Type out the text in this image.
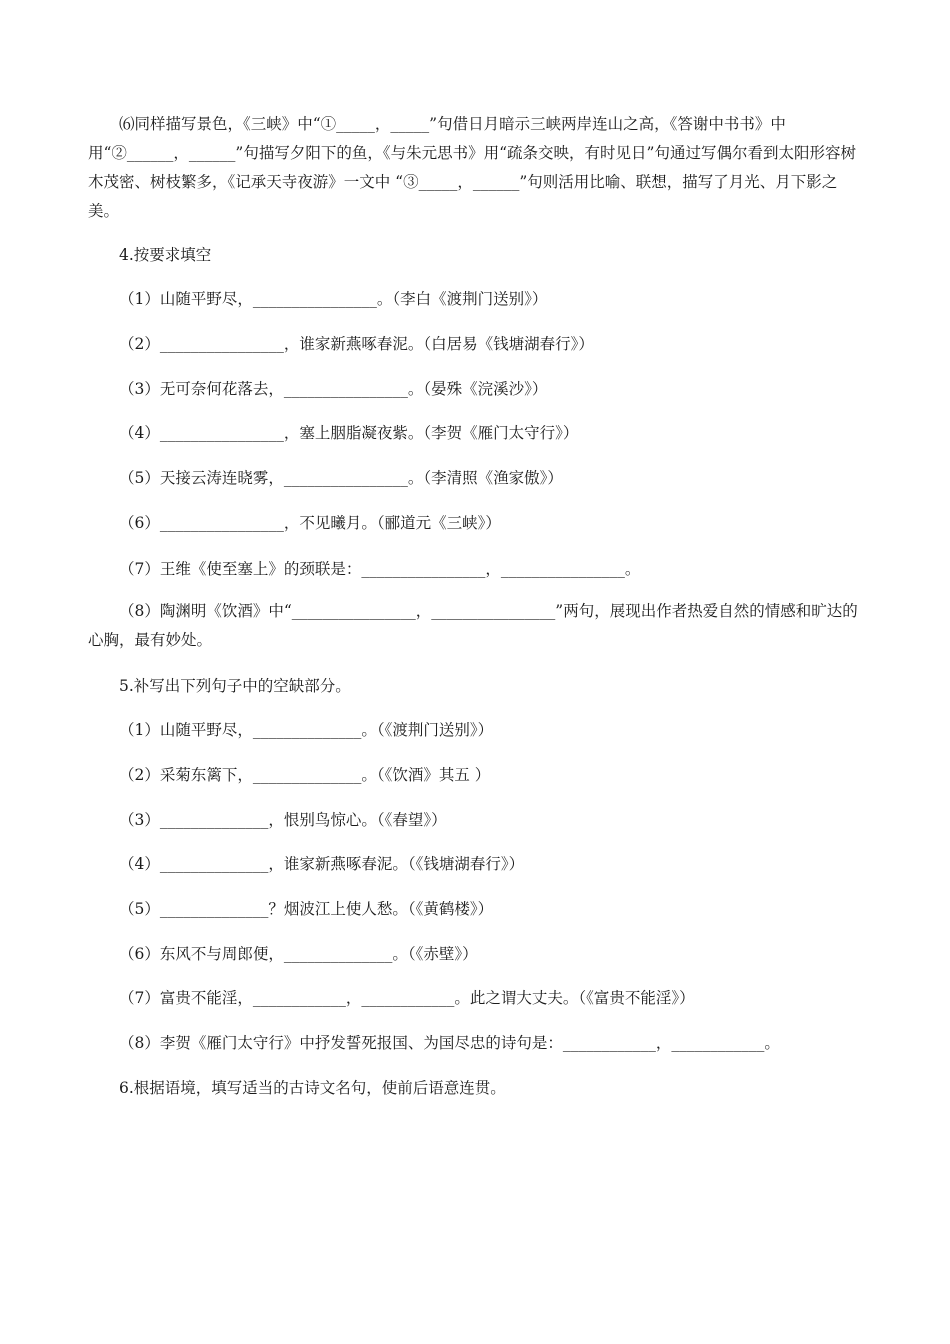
⑹同样描写景色，《三峡》中“①_____，_____”句借日月暗示三峡两岸连山之高，《答谢中书书》中用“②______，______”句描写夕阳下的鱼，《与朱元思书》用“疏条交映，有时见日”句通过写偶尔看到太阳形容树木茂密、树枝繁多，《记承天寺夜游》一文中 “③_____，______”句则活用比喻、联想，描写了月光、月下影之美。

4.按要求填空

（1）山随平野尽，________________。（李白《渡荆门送别》）

（2）________________，谁家新燕啄春泥。（白居易《钱塘湖春行》）

（3）无可奈何花落去，________________。（晏殊《浣溪沙》）

（4）________________，塞上胭脂凝夜紫。（李贺《雁门太守行》）

（5）天接云涛连晓雾，________________。（李清照《渔家傲》）

（6）________________，不见曦月。（郦道元《三峡》）

（7）王维《使至塞上》的颈联是：________________，________________。

（8）陶渊明《饮酒》中“________________，________________”两句，展现出作者热爱自然的情感和旷达的心胸，最有妙处。

5.补写出下列句子中的空缺部分。

（1）山随平野尽，______________。（《渡荆门送别》）

（2）采菊东篱下，______________。（《饮酒》其五 ）

（3）______________，恨别鸟惊心。（《春望》）

（4）______________，谁家新燕啄春泥。（《钱塘湖春行》）

（5）______________？烟波江上使人愁。（《黄鹤楼》）

（6）东风不与周郎便，______________。（《赤壁》）

（7）富贵不能淫，____________，____________。此之谓大丈夫。（《富贵不能淫》）

（8）李贺《雁门太守行》中抒发誓死报国、为国尽忠的诗句是：____________，____________。

6.根据语境，填写适当的古诗文名句，使前后语意连贯。
